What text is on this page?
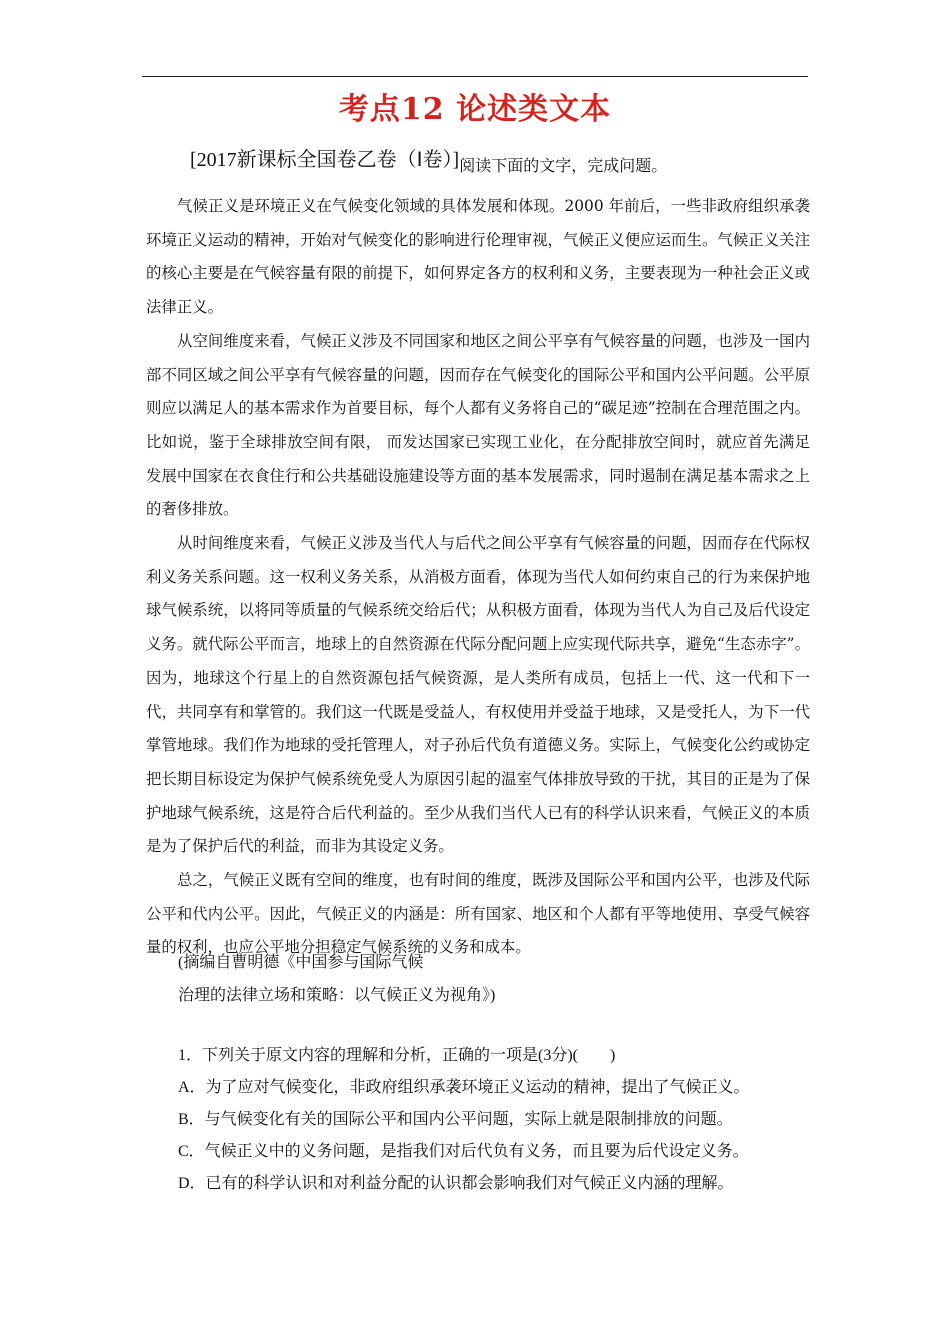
考点12 论述类文本
[2017新课标全国卷乙卷（Ⅰ卷）]$_{阅读下面的文字,完成问题。}$

气候正义是环境正义在气候变化领域的具体发展和体现。2000 年前后，一些非政府组织承袭环境正义运动的精神，开始对气候变化的影响进行伦理审视，气候正义便应运而生。气候正义关注的核心主要是在气候容量有限的前提下，如何界定各方的权利和义务，主要表现为一种社会正义或法律正义。

从空间维度来看，气候正义涉及不同国家和地区之间公平享有气候容量的问题，也涉及一国内部不同区域之间公平享有气候容量的问题，因而存在气候变化的国际公平和国内公平问题。公平原则应以满足人的基本需求作为首要目标，每个人都有义务将自己的“碳足迹”控制在合理范围之内。比如说，鉴于全球排放空间有限， 而发达国家已实现工业化，在分配排放空间时，就应首先满足发展中国家在衣食住行和公共基础设施建设等方面的基本发展需求，同时遏制在满足基本需求之上的奢侈排放。

从时间维度来看，气候正义涉及当代人与后代之间公平享有气候容量的问题，因而存在代际权利义务关系问题。这一权利义务关系，从消极方面看，体现为当代人如何约束自己的行为来保护地球气候系统，以将同等质量的气候系统交给后代；从积极方面看，体现为当代人为自己及后代设定义务。就代际公平而言，地球上的自然资源在代际分配问题上应实现代际共享，避免“生态赤字”。因为，地球这个行星上的自然资源包括气候资源，是人类所有成员，包括上一代、这一代和下一代，共同享有和掌管的。我们这一代既是受益人，有权使用并受益于地球，又是受托人，为下一代掌管地球。我们作为地球的受托管理人，对子孙后代负有道德义务。实际上，气候变化公约或协定把长期目标设定为保护气候系统免受人为原因引起的温室气体排放导致的干扰，其目的正是为了保护地球气候系统，这是符合后代利益的。至少从我们当代人已有的科学认识来看，气候正义的本质是为了保护后代的利益，而非为其设定义务。

总之，气候正义既有空间的维度，也有时间的维度，既涉及国际公平和国内公平，也涉及代际公平和代内公平。因此，气候正义的内涵是：所有国家、地区和个人都有平等地使用、享受气候容量的权利，也应公平地分担稳定气候系统的义务和成本。

(摘编自曹明德《中国参与国际气候
治理的法律立场和策略：以气候正义为视角》)
1．下列关于原文内容的理解和分析，正确的一项是(3分)(　　)
A．为了应对气候变化，非政府组织承袭环境正义运动的精神，提出了气候正义。
B．与气候变化有关的国际公平和国内公平问题，实际上就是限制排放的问题。
C．气候正义中的义务问题，是指我们对后代负有义务，而且要为后代设定义务。
D．已有的科学认识和对利益分配的认识都会影响我们对气候正义内涵的理解。
